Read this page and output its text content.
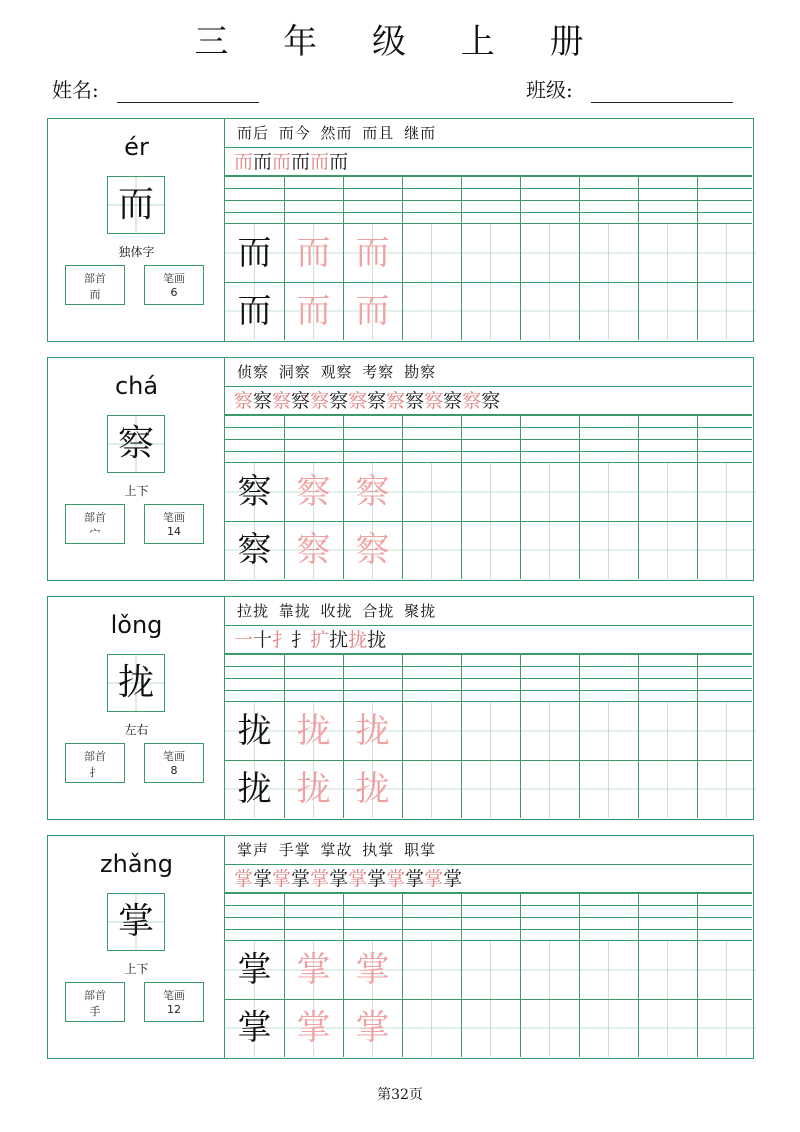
三 年 级 上 册
姓名:	班级:
ér
而
独体字
部首
而
笔画
6
而后 而今 然而 而且 继而
而而而而而而
而 而 而
而 而 而
chá
察
上下
部首
宀
笔画
14
侦察 洞察 观察 考察 勘察
察察察察察察察察察察察察察察
察 察 察
察 察 察
lǒng
拢
左右
部首
扌
笔画
8
拉拢 靠拢 收拢 合拢 聚拢
一十扌扌扩扰拢拢
拢 拢 拢
拢 拢 拢
zhǎng
掌
上下
部首
手
笔画
12
掌声 手掌 掌故 执掌 职掌
掌掌掌掌掌掌掌掌掌掌掌掌
掌 掌 掌
掌 掌 掌
第32页
